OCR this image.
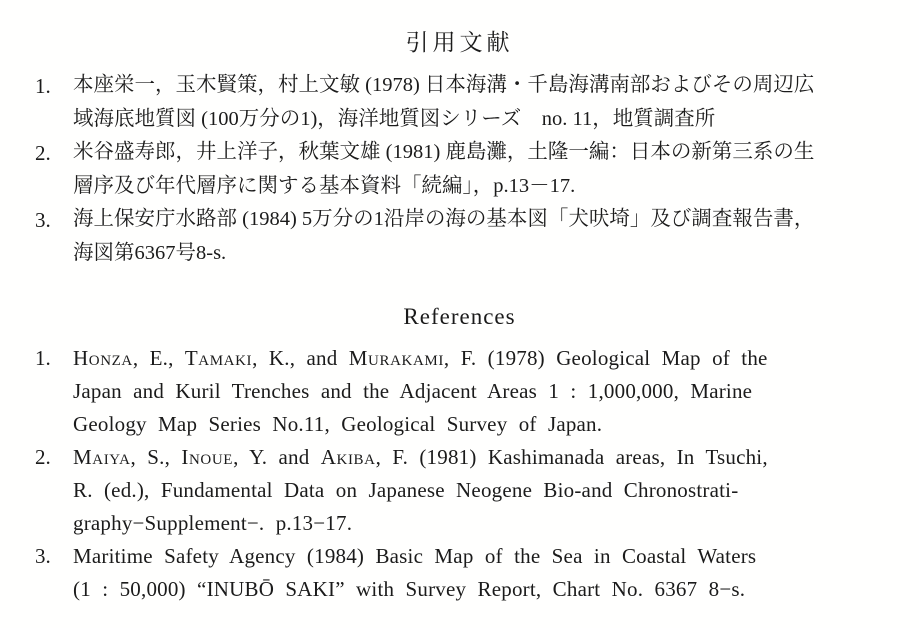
引用文献
1. 本座栄一，玉木賢策，村上文敏 (1978) 日本海溝・千島海溝南部およびその周辺広
域海底地質図 (100万分の1)，海洋地質図シリーズ　no. 11，地質調査所
2. 米谷盛寿郎，井上洋子，秋葉文雄 (1981) 鹿島灘，土隆一編：日本の新第三系の生
層序及び年代層序に関する基本資料「続編」，p.13－17.
3. 海上保安庁水路部 (1984) 5万分の1沿岸の海の基本図「犬吠埼」及び調査報告書，
海図第6367号8-s.
References
1. Honza, E., Tamaki, K., and Murakami, F. (1978) Geological Map of the
Japan and Kuril Trenches and the Adjacent Areas 1 : 1,000,000, Marine
Geology Map Series No.11, Geological Survey of Japan.
2. Maiya, S., Inoue, Y. and Akiba, F. (1981) Kashimanada areas, In Tsuchi,
R. (ed.), Fundamental Data on Japanese Neogene Bio-and Chronostrati-
graphy−Supplement−. p.13−17.
3. Maritime Safety Agency (1984) Basic Map of the Sea in Coastal Waters
(1 : 50,000) “INUBŌ SAKI” with Survey Report, Chart No. 6367 8−s.
